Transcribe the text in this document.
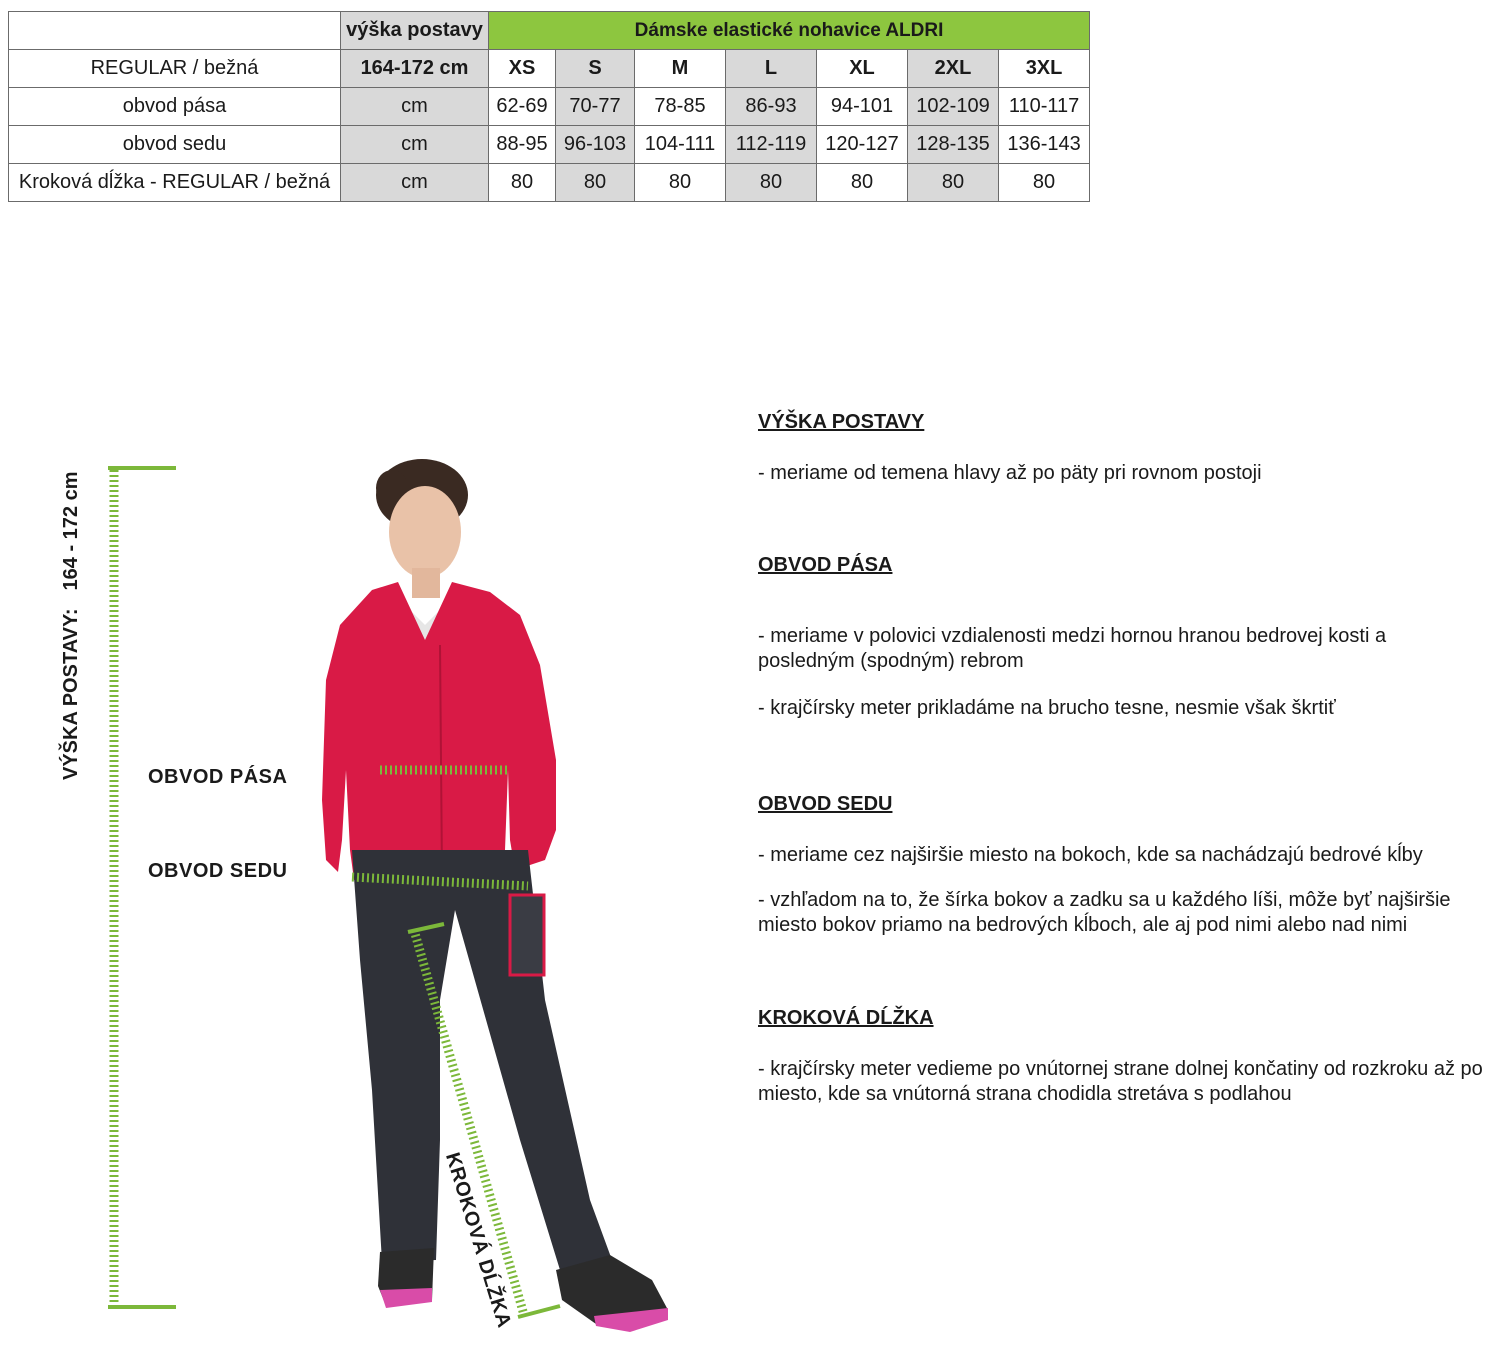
	výška postavy	Dámske elastické nohavice ALDRI						
REGULAR / bežná	164-172 cm	XS	S	M	L	XL	2XL	3XL
obvod pása	cm	62-69	70-77	78-85	86-93	94-101	102-109	110-117
obvod sedu	cm	88-95	96-103	104-111	112-119	120-127	128-135	136-143
Kroková dĺžka - REGULAR / bežná	cm	80	80	80	80	80	80	80
VÝŠKA POSTAVY:164 - 172 cm
OBVOD PÁSA
OBVOD SEDU
KROKOVÁ DĹŽKA
VÝŠKA POSTAVY

- meriame od temena hlavy až po päty pri rovnom postoji

OBVOD PÁSA

- meriame v polovici vzdialenosti medzi hornou hranou bedrovej kosti a  posledným (spodným) rebrom

- krajčírsky meter prikladáme na brucho tesne, nesmie však škrtiť

OBVOD SEDU

- meriame cez najširšie miesto na bokoch, kde sa nachádzajú bedrové kĺby

- vzhľadom na to, že šírka bokov a zadku sa u každého líši, môže byť najširšie miesto bokov priamo na bedrových kĺboch, ale aj pod nimi alebo nad nimi

KROKOVÁ DĹŽKA

- krajčírsky meter vedieme po vnútornej strane dolnej končatiny od rozkroku až po miesto, kde sa vnútorná strana chodidla stretáva s podlahou
